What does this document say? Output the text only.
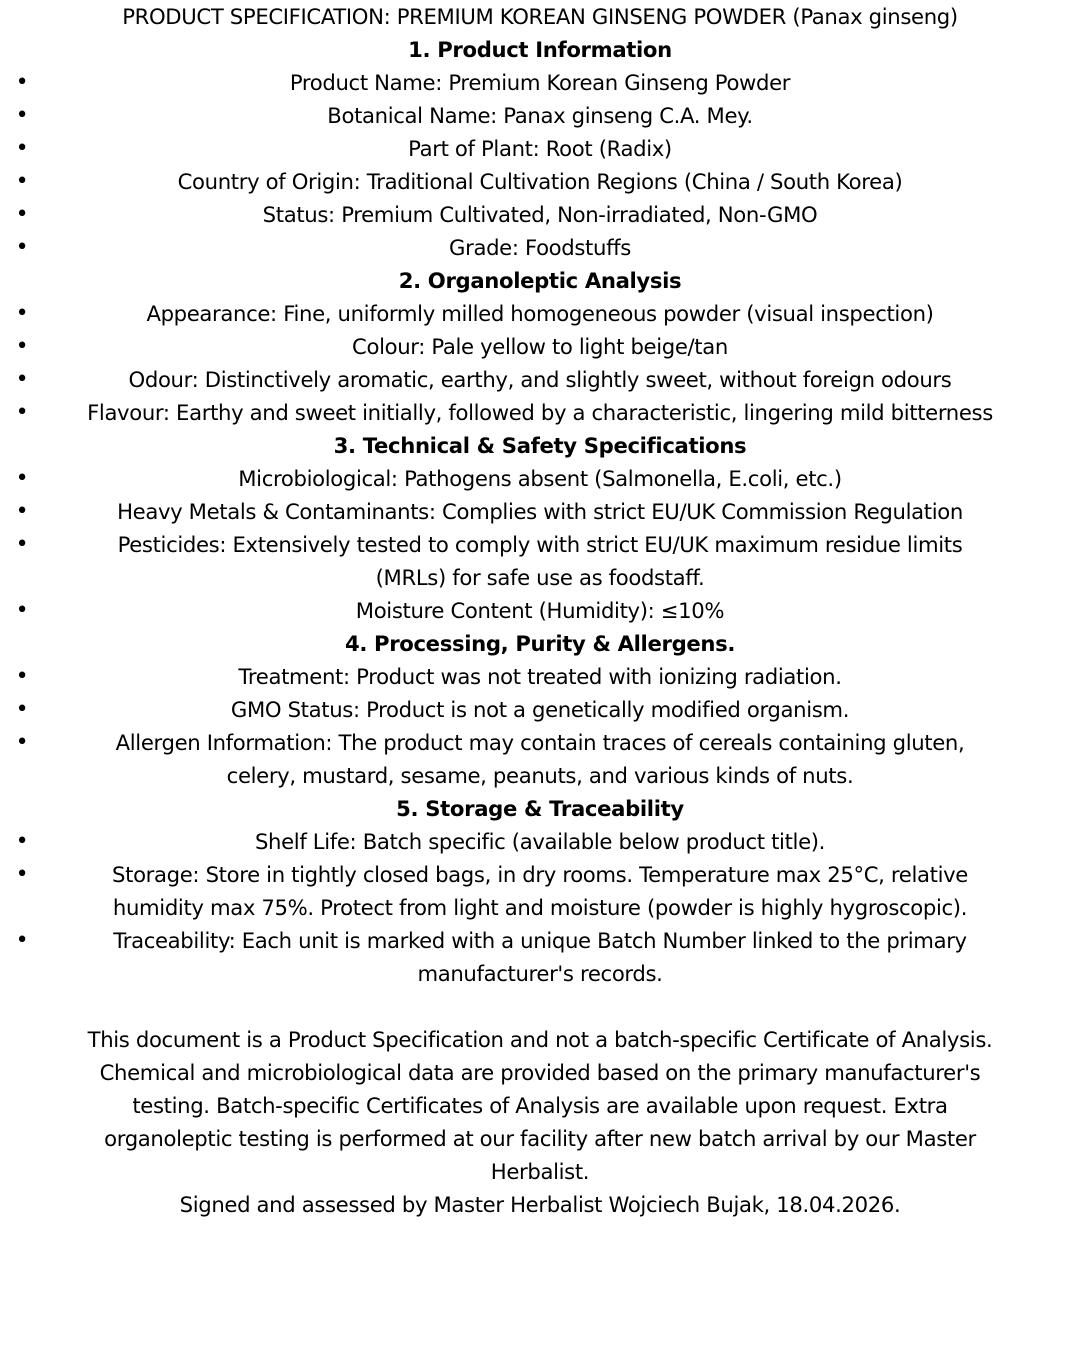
PRODUCT SPECIFICATION: PREMIUM KOREAN GINSENG POWDER (Panax ginseng)
1. Product Information
•	Product Name: Premium Korean Ginseng Powder
•	Botanical Name: Panax ginseng C.A. Mey.
•	Part of Plant: Root (Radix)
•	Country of Origin: Traditional Cultivation Regions (China / South Korea)
•	Status: Premium Cultivated, Non-irradiated, Non-GMO
•	Grade: Foodstuffs
2. Organoleptic Analysis
•	Appearance: Fine, uniformly milled homogeneous powder (visual inspection)
•	Colour: Pale yellow to light beige/tan
•	Odour: Distinctively aromatic, earthy, and slightly sweet, without foreign odours
•	Flavour: Earthy and sweet initially, followed by a characteristic, lingering mild bitterness
3. Technical & Safety Specifications
•	Microbiological: Pathogens absent (Salmonella, E.coli, etc.)
•	Heavy Metals & Contaminants: Complies with strict EU/UK Commission Regulation
•	Pesticides: Extensively tested to comply with strict EU/UK maximum residue limits
(MRLs) for safe use as foodstaff.
•	Moisture Content (Humidity): ≤10%
4. Processing, Purity & Allergens.
•	Treatment: Product was not treated with ionizing radiation.
•	GMO Status: Product is not a genetically modified organism.
•	Allergen Information: The product may contain traces of cereals containing gluten,
celery, mustard, sesame, peanuts, and various kinds of nuts.
5. Storage & Traceability
•	Shelf Life: Batch specific (available below product title).
•	Storage: Store in tightly closed bags, in dry rooms. Temperature max 25°C, relative
humidity max 75%. Protect from light and moisture (powder is highly hygroscopic).
•	Traceability: Each unit is marked with a unique Batch Number linked to the primary
manufacturer's records.
This document is a Product Specification and not a batch-specific Certificate of Analysis.
Chemical and microbiological data are provided based on the primary manufacturer's
testing. Batch-specific Certificates of Analysis are available upon request. Extra
organoleptic testing is performed at our facility after new batch arrival by our Master
Herbalist.
Signed and assessed by Master Herbalist Wojciech Bujak, 18.04.2026.
